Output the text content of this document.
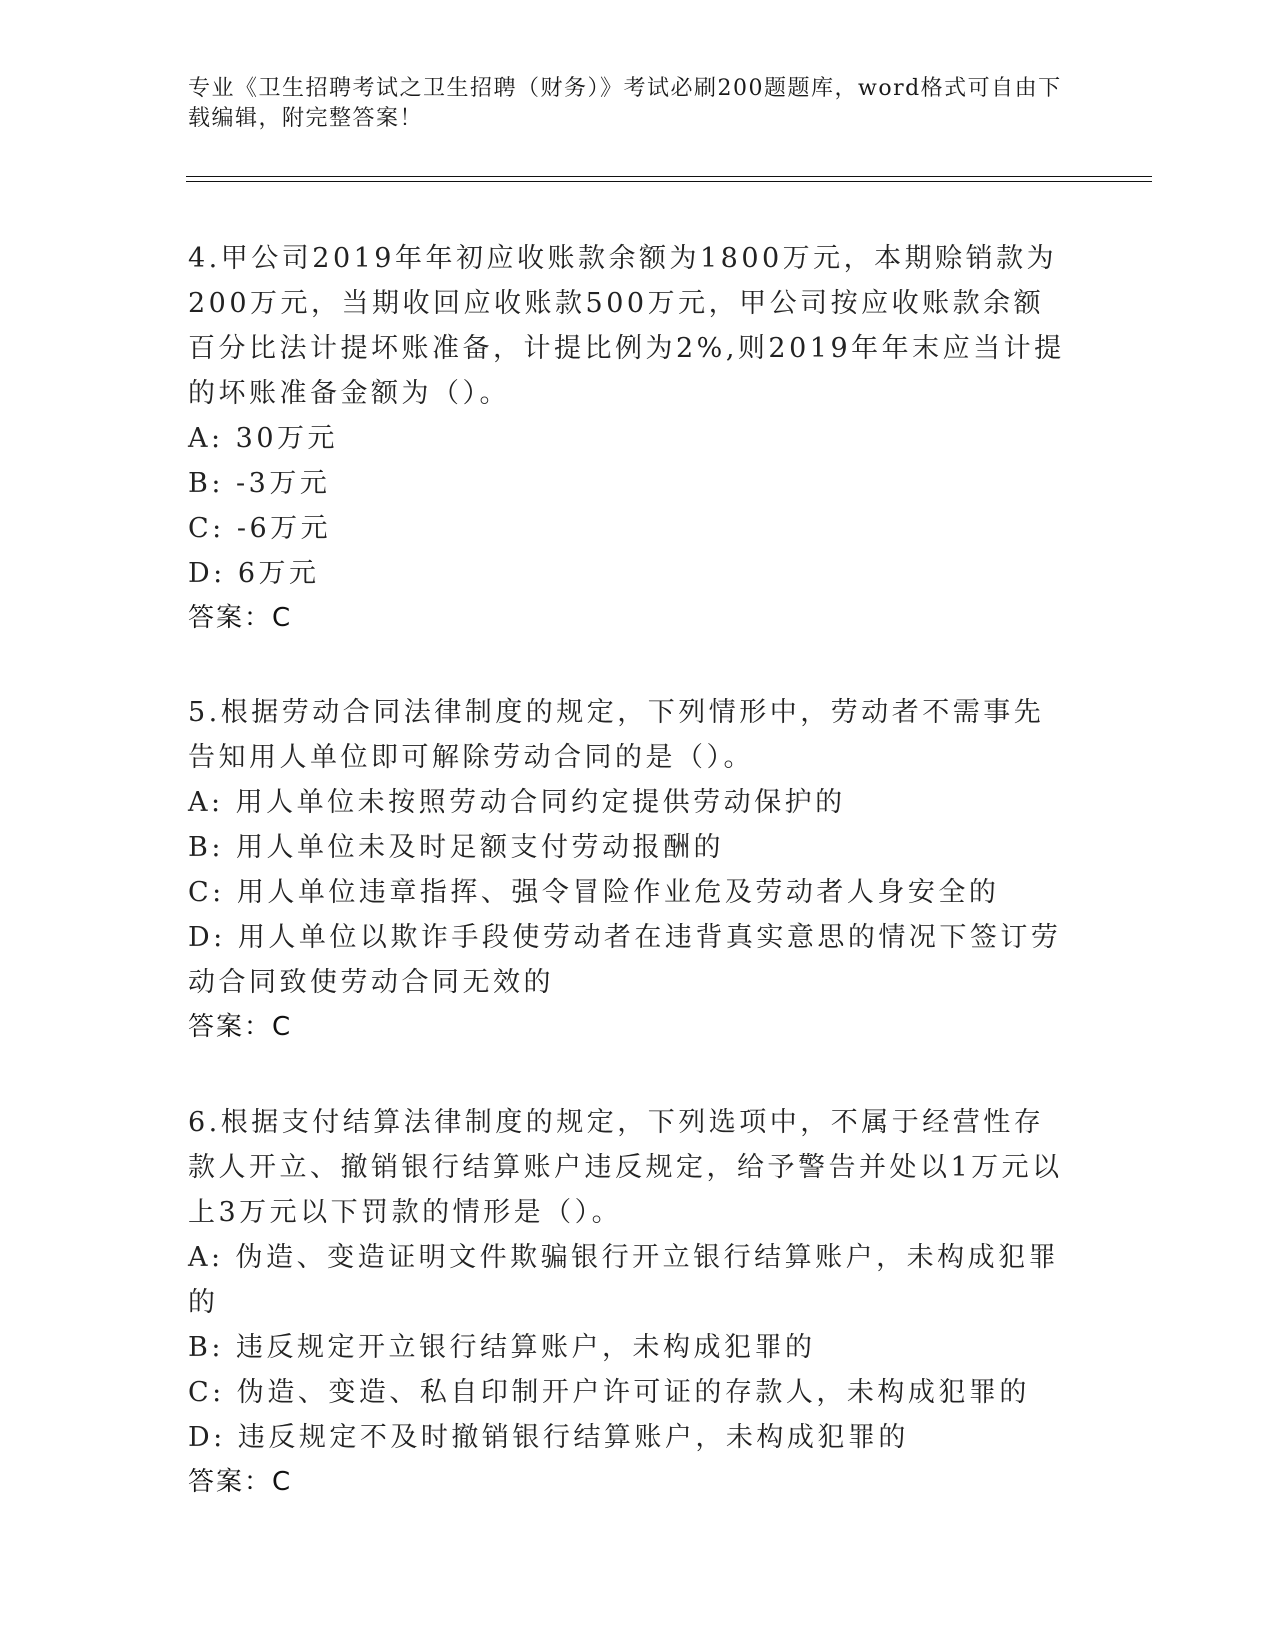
专业《卫生招聘考试之卫生招聘（财务）》考试必刷200题题库，word格式可自由下载编辑，附完整答案！

4.甲公司2019年年初应收账款余额为1800万元，本期赊销款为200万元，当期收回应收账款500万元，甲公司按应收账款余额百分比法计提坏账准备，计提比例为2%,则2019年年末应当计提的坏账准备金额为（）。

A: 30万元

B: -3万元

C: -6万元

D: 6万元

答案：C

5.根据劳动合同法律制度的规定，下列情形中，劳动者不需事先告知用人单位即可解除劳动合同的是（）。

A: 用人单位未按照劳动合同约定提供劳动保护的

B: 用人单位未及时足额支付劳动报酬的

C: 用人单位违章指挥、强令冒险作业危及劳动者人身安全的

D: 用人单位以欺诈手段使劳动者在违背真实意思的情况下签订劳动合同致使劳动合同无效的

答案：C

6.根据支付结算法律制度的规定，下列选项中，不属于经营性存款人开立、撤销银行结算账户违反规定，给予警告并处以1万元以上3万元以下罚款的情形是（）。

A: 伪造、变造证明文件欺骗银行开立银行结算账户，未构成犯罪的

B: 违反规定开立银行结算账户，未构成犯罪的

C: 伪造、变造、私自印制开户许可证的存款人，未构成犯罪的

D: 违反规定不及时撤销银行结算账户，未构成犯罪的

答案：C
